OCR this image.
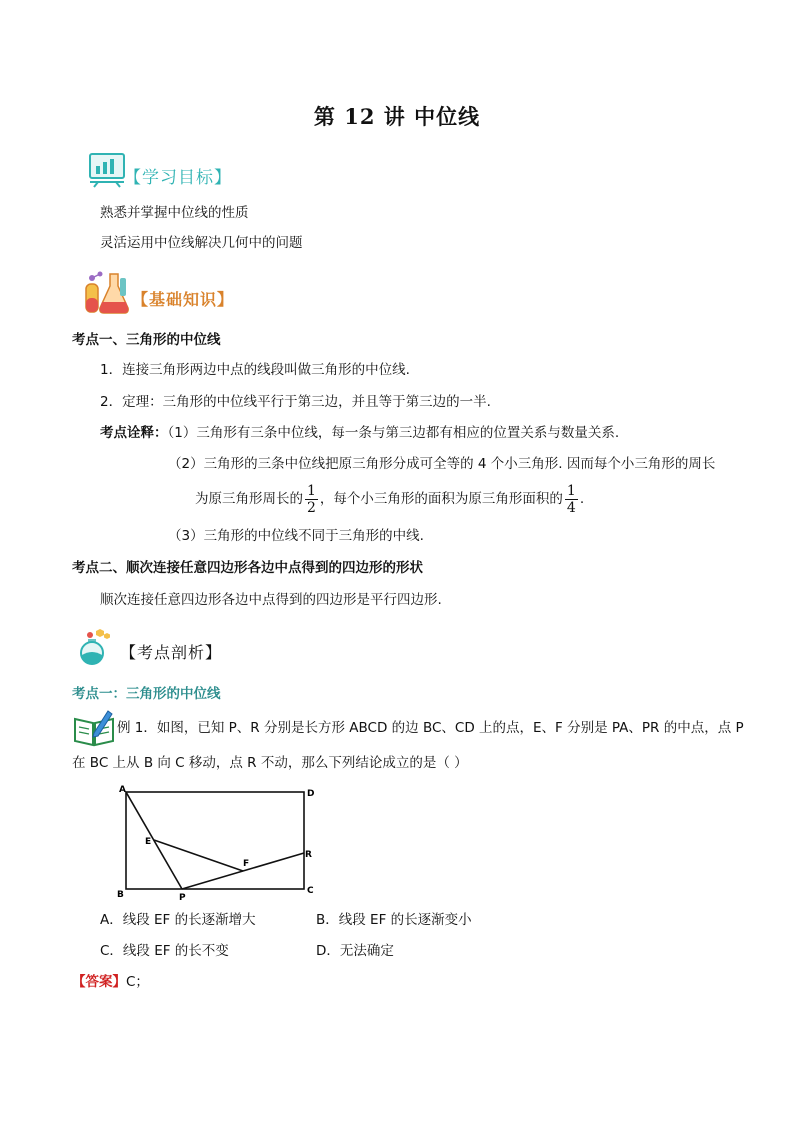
第 12 讲 中位线
【学习目标】
熟悉并掌握中位线的性质
灵活运用中位线解决几何中的问题
【基础知识】
考点一、三角形的中位线
1．连接三角形两边中点的线段叫做三角形的中位线.
2．定理：三角形的中位线平行于第三边，并且等于第三边的一半.
考点诠释：（1）三角形有三条中位线，每一条与第三边都有相应的位置关系与数量关系.
（2）三角形的三条中位线把原三角形分成可全等的 4 个小三角形. 因而每个小三角形的周长
为原三角形周长的 $\frac{1}{2}$ ，每个小三角形的面积为原三角形面积的 $\frac{1}{4}$ .
（3）三角形的中位线不同于三角形的中线.
考点二、顺次连接任意四边形各边中点得到的四边形的形状
顺次连接任意四边形各边中点得到的四边形是平行四边形.
【考点剖析】
考点一：三角形的中位线
例 1．如图，已知 P、R 分别是长方形 ABCD 的边 BC、CD 上的点，E、F 分别是 PA、PR 的中点，点 P
在 BC 上从 B 向 C 移动，点 R 不动，那么下列结论成立的是（ ）
A	D
B	C
E
F
P
R
A．线段 EF 的长逐渐增大	B．线段 EF 的长逐渐变小
C．线段 EF 的长不变	D．无法确定
【答案】C；
